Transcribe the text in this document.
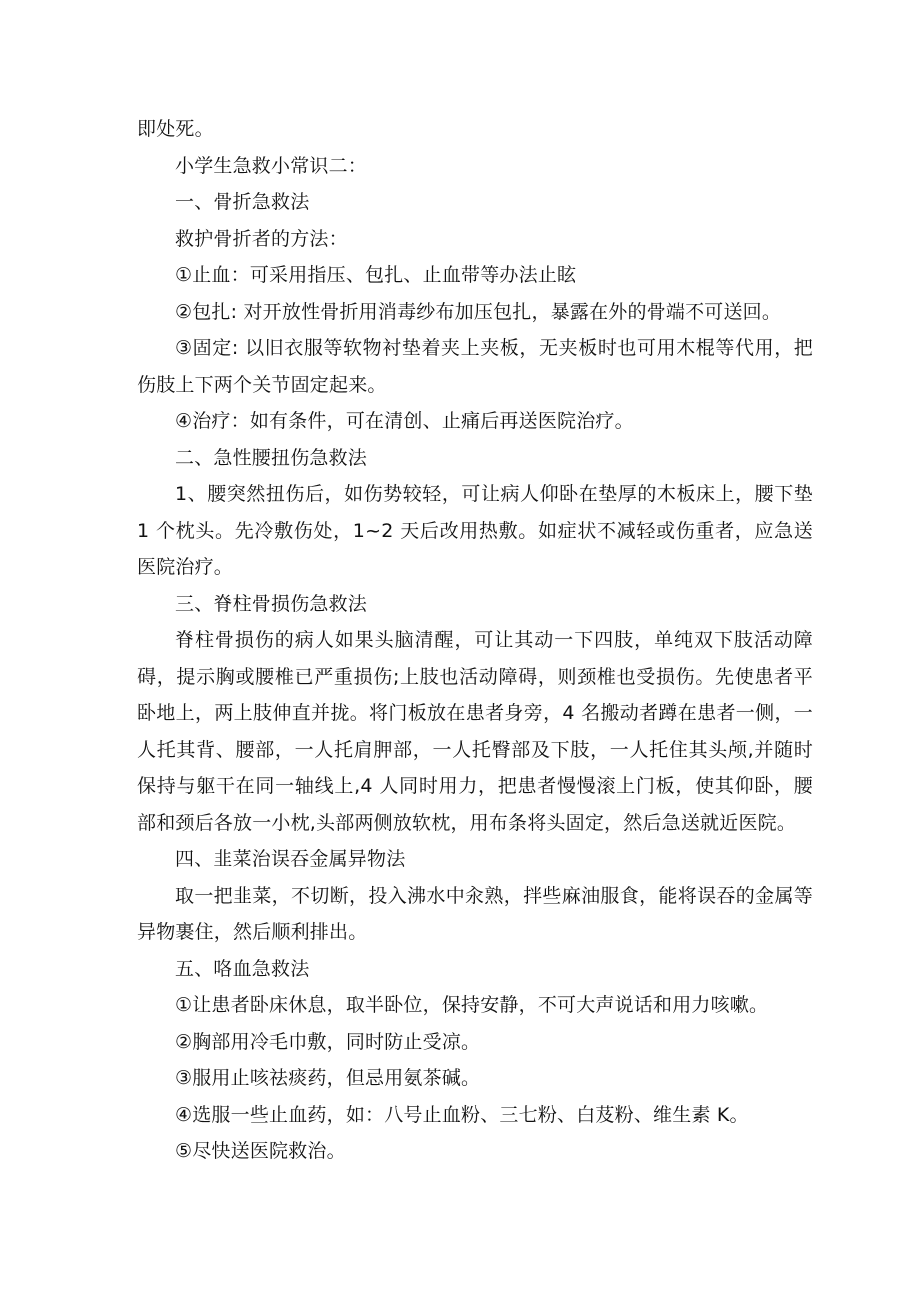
即处死。

小学生急救小常识二：

一、骨折急救法

救护骨折者的方法：

①止血：可采用指压、包扎、止血带等办法止眩

②包扎: 对开放性骨折用消毒纱布加压包扎，暴露在外的骨端不可送回。

③固定: 以旧衣服等软物衬垫着夹上夹板，无夹板时也可用木棍等代用，把伤肢上下两个关节固定起来。

④治疗：如有条件，可在清创、止痛后再送医院治疗。

二、急性腰扭伤急救法

1、腰突然扭伤后，如伤势较轻，可让病人仰卧在垫厚的木板床上，腰下垫 1 个枕头。先冷敷伤处，1~2 天后改用热敷。如症状不减轻或伤重者，应急送医院治疗。

三、脊柱骨损伤急救法

脊柱骨损伤的病人如果头脑清醒，可让其动一下四肢，单纯双下肢活动障碍，提示胸或腰椎已严重损伤;上肢也活动障碍，则颈椎也受损伤。先使患者平卧地上，两上肢伸直并拢。将门板放在患者身旁，4 名搬动者蹲在患者一侧，一人托其背、腰部，一人托肩胛部，一人托臀部及下肢，一人托住其头颅,并随时保持与躯干在同一轴线上,4 人同时用力，把患者慢慢滚上门板，使其仰卧，腰部和颈后各放一小枕,头部两侧放软枕，用布条将头固定，然后急送就近医院。

四、韭菜治误吞金属异物法

取一把韭菜，不切断，投入沸水中汆熟，拌些麻油服食，能将误吞的金属等异物裹住，然后顺利排出。

五、咯血急救法

①让患者卧床休息，取半卧位，保持安静，不可大声说话和用力咳嗽。

②胸部用冷毛巾敷，同时防止受凉。

③服用止咳祛痰药，但忌用氨茶碱。

④选服一些止血药，如：八号止血粉、三七粉、白芨粉、维生素 K。

⑤尽快送医院救治。
